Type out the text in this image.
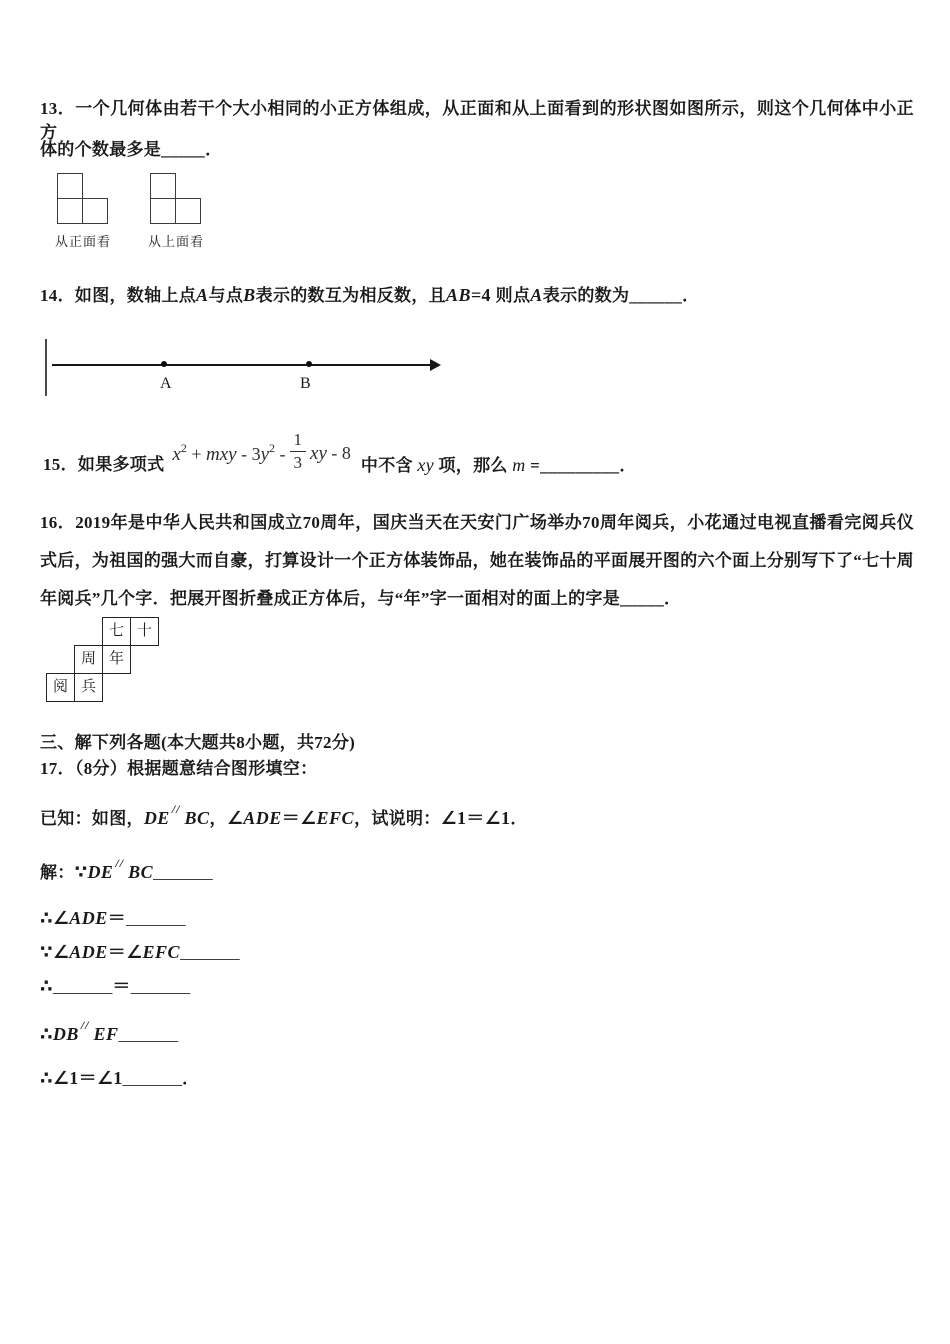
13．一个几何体由若干个大小相同的小正方体组成，从正面和从上面看到的形状图如图所示，则这个几何体中小正方
体的个数最多是_____．
从正面看	从上面看
14．如图，数轴上点A与点B表示的数互为相反数，且AB=4 则点A表示的数为______．
A	B
15．如果多项式 $x^2$ + mxy - $3y^2 - \frac{1}{3}$ xy - 8
中不含 xy 项，那么 m =_________．
16．2019年是中华人民共和国成立70周年，国庆当天在天安门广场举办70周年阅兵，小花通过电视直播看完阅兵仪
式后，为祖国的强大而自豪，打算设计一个正方体装饰品，她在装饰品的平面展开图的六个面上分别写下了“七十周
年阅兵”几个字．把展开图折叠成正方体后，与“年”字一面相对的面上的字是_____．
七 十
周 年
阅 兵
三、解下列各题(本大题共8小题，共72分)
17．（8分）根据题意结合图形填空：
已知：如图，DE // BC，∠ADE＝∠EFC，试说明：∠1＝∠1．
解：∵DE // BC_______
∴∠ADE＝_______
∵∠ADE＝∠EFC_______
∴_______＝_______
∴DB // EF_______
∴∠1＝∠1_______．
